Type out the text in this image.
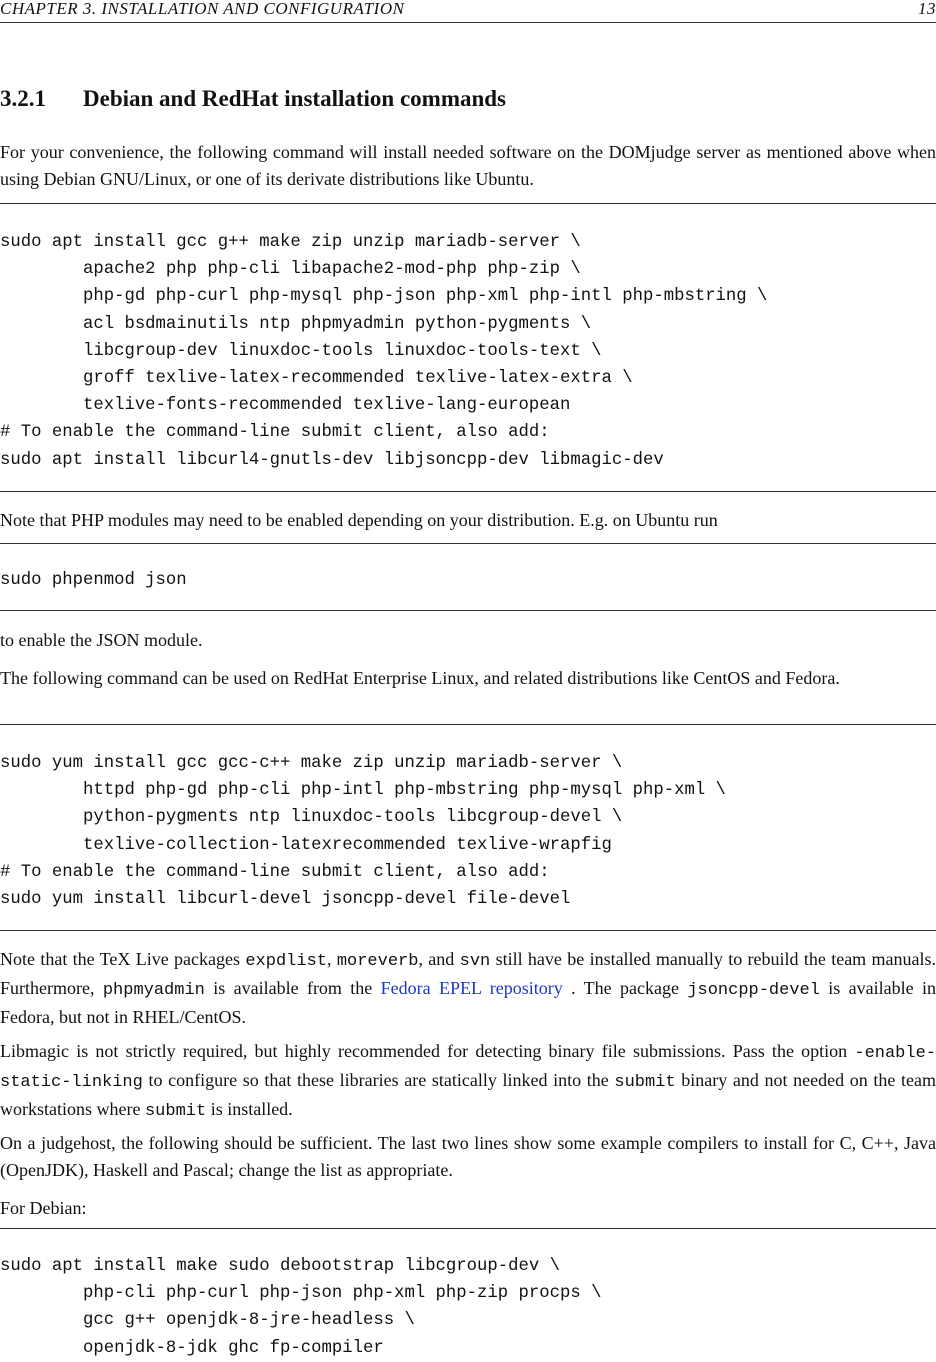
CHAPTER 3. INSTALLATION AND CONFIGURATION	13
3.2.1 Debian and RedHat installation commands
For your convenience, the following command will install needed software on the DOMjudge server as mentioned above when using Debian GNU/Linux, or one of its derivate distributions like Ubuntu.
sudo apt install gcc g++ make zip unzip mariadb-server \
apache2 php php-cli libapache2-mod-php php-zip \
php-gd php-curl php-mysql php-json php-xml php-intl php-mbstring \
acl bsdmainutils ntp phpmyadmin python-pygments \
libcgroup-dev linuxdoc-tools linuxdoc-tools-text \
groff texlive-latex-recommended texlive-latex-extra \
texlive-fonts-recommended texlive-lang-european
# To enable the command-line submit client, also add:
sudo apt install libcurl4-gnutls-dev libjsoncpp-dev libmagic-dev
Note that PHP modules may need to be enabled depending on your distribution. E.g. on Ubuntu run
sudo phpenmod json
to enable the JSON module.
The following command can be used on RedHat Enterprise Linux, and related distributions like CentOS and Fedora.
sudo yum install gcc gcc-c++ make zip unzip mariadb-server \
httpd php-gd php-cli php-intl php-mbstring php-mysql php-xml \
python-pygments ntp linuxdoc-tools libcgroup-devel \
texlive-collection-latexrecommended texlive-wrapfig
# To enable the command-line submit client, also add:
sudo yum install libcurl-devel jsoncpp-devel file-devel
Note that the TeX Live packages expdlist, moreverb, and svn still have be installed manually to rebuild the team manuals. Furthermore, phpmyadmin is available from the Fedora EPEL repository . The package jsoncpp-devel is available in Fedora, but not in RHEL/CentOS.
Libmagic is not strictly required, but highly recommended for detecting binary file submissions. Pass the option -enable-static-linking to configure so that these libraries are statically linked into the submit binary and not needed on the team workstations where submit is installed.
On a judgehost, the following should be sufficient. The last two lines show some example compilers to install for C, C++, Java (OpenJDK), Haskell and Pascal; change the list as appropriate.
For Debian:
sudo apt install make sudo debootstrap libcgroup-dev \
php-cli php-curl php-json php-xml php-zip procps \
gcc g++ openjdk-8-jre-headless \
openjdk-8-jdk ghc fp-compiler
